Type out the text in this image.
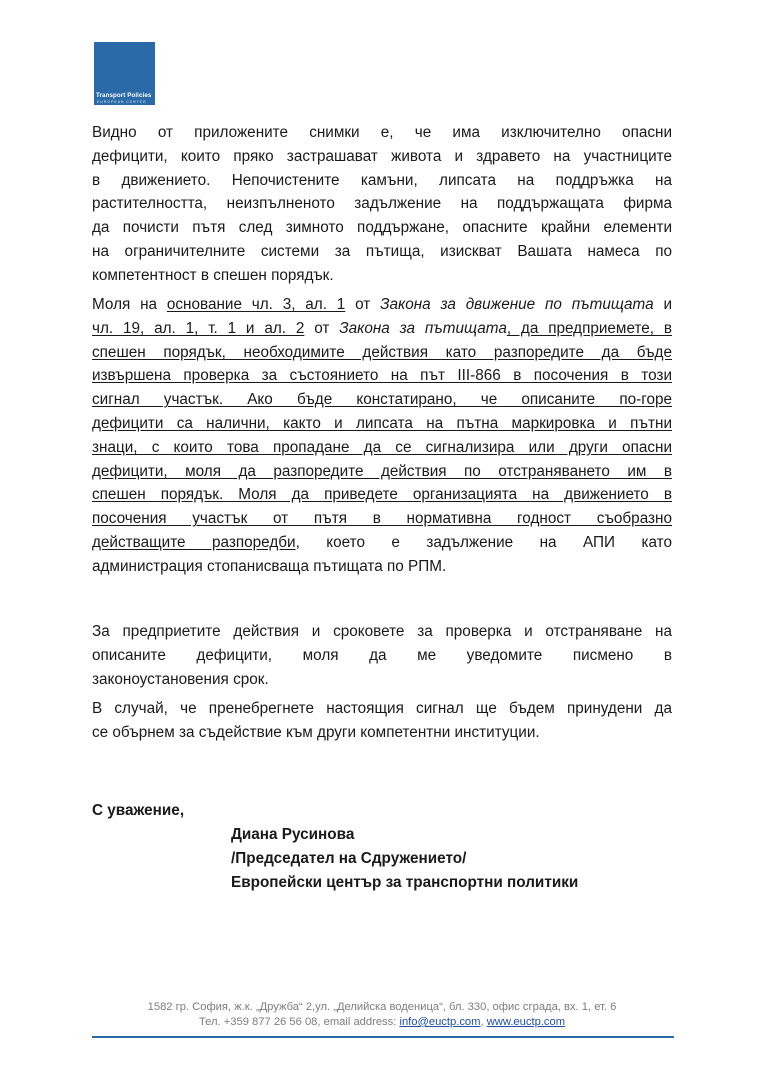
Transport Policies
EUROPEAN CENTER
Видно от приложените снимки е, че има изключително опасни
дефицити, които пряко застрашават живота и здравето на участниците
в движението. Непочистените камъни, липсата на поддръжка на
растителността, неизпълненото задължение на поддържащата фирма
да почисти пътя след зимното поддържане, опасните крайни елементи
на ограничителните системи за пътища, изискват Вашата намеса по
компетентност в спешен порядък.
Моля на основание чл. 3, ал. 1 от Закона за движение по пътищата и
чл. 19, ал. 1, т. 1 и ал. 2 от Закона за пътищата, да предприемете, в
спешен порядък, необходимите действия като разпоредите да бъде
извършена проверка за състоянието на път III-866 в посочения в този
сигнал участък. Ако бъде констатирано, че описаните по-горе
дефицити са налични, както и липсата на пътна маркировка и пътни
знаци, с които това пропадане да се сигнализира или други опасни
дефицити, моля да разпоредите действия по отстраняването им в
спешен порядък. Моля да приведете организацията на движението в
посочения участък от пътя в нормативна годност съобразно
действащите разпоредби, което е задължение на АПИ като
администрация стопанисваща пътищата по РПМ.
За предприетите действия и сроковете за проверка и отстраняване на
описаните дефицити, моля да ме уведомите писмено в
законоустановения срок.
В случай, че пренебрегнете настоящия сигнал ще бъдем принудени да
се обърнем за съдействие към други компетентни институции.
С уважение,
Диана Русинова
/Председател на Сдружението/
Европейски център за транспортни политики
1582 гр. София, ж.к. „Дружба“ 2,ул. „Делийска воденица“, бл. 330, офис сграда, вх. 1, ет. 6
Тел. +359 877 26 56 08, email address: info@euctp.com, www.euctp.com
